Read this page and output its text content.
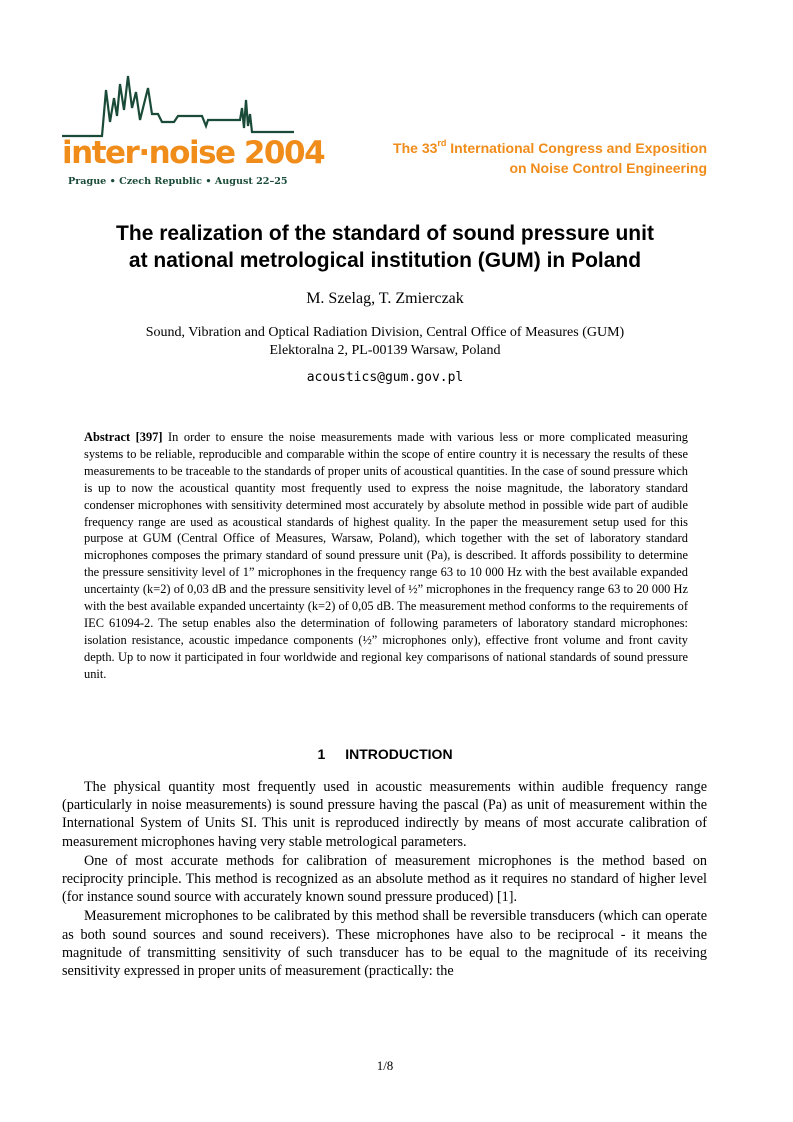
inter·noise 2004
Prague • Czech Republic • August 22–25
The 33rd International Congress and Exposition
on Noise Control Engineering
The realization of the standard of sound pressure unit
at national metrological institution (GUM) in Poland
M. Szelag, T. Zmierczak
Sound, Vibration and Optical Radiation Division, Central Office of Measures (GUM)
Elektoralna 2, PL-00139 Warsaw, Poland
acoustics@gum.gov.pl

Abstract [397] In order to ensure the noise measurements made with various less or more complicated measuring systems to be reliable, reproducible and comparable within the scope of entire country it is necessary the results of these measurements to be traceable to the standards of proper units of acoustical quantities. In the case of sound pressure which is up to now the acoustical quantity most frequently used to express the noise magnitude, the laboratory standard condenser microphones with sensitivity determined most accurately by absolute method in possible wide part of audible frequency range are used as acoustical standards of highest quality. In the paper the measurement setup used for this purpose at GUM (Central Office of Measures, Warsaw, Poland), which together with the set of laboratory standard microphones composes the primary standard of sound pressure unit (Pa), is described. It affords possibility to determine the pressure sensitivity level of 1” microphones in the frequency range 63 to 10 000 Hz with the best available expanded uncertainty (k=2) of 0,03 dB and the pressure sensitivity level of ½” microphones in the frequency range 63 to 20 000 Hz with the best available expanded uncertainty (k=2) of 0,05 dB. The measurement method conforms to the requirements of IEC 61094-2. The setup enables also the determination of following parameters of laboratory standard microphones: isolation resistance, acoustic impedance components (½” microphones only), effective front volume and front cavity depth. Up to now it participated in four worldwide and regional key comparisons of national standards of sound pressure unit.

1 INTRODUCTION

The physical quantity most frequently used in acoustic measurements within audible frequency range (particularly in noise measurements) is sound pressure having the pascal (Pa) as unit of measurement within the International System of Units SI. This unit is reproduced indirectly by means of most accurate calibration of measurement microphones having very stable metrological parameters.

One of most accurate methods for calibration of measurement microphones is the method based on reciprocity principle. This method is recognized as an absolute method as it requires no standard of higher level (for instance sound source with accurately known sound pressure produced) [1].

Measurement microphones to be calibrated by this method shall be reversible transducers (which can operate as both sound sources and sound receivers). These microphones have also to be reciprocal - it means the magnitude of transmitting sensitivity of such transducer has to be equal to the magnitude of its receiving sensitivity expressed in proper units of measurement (practically: the

1/8
